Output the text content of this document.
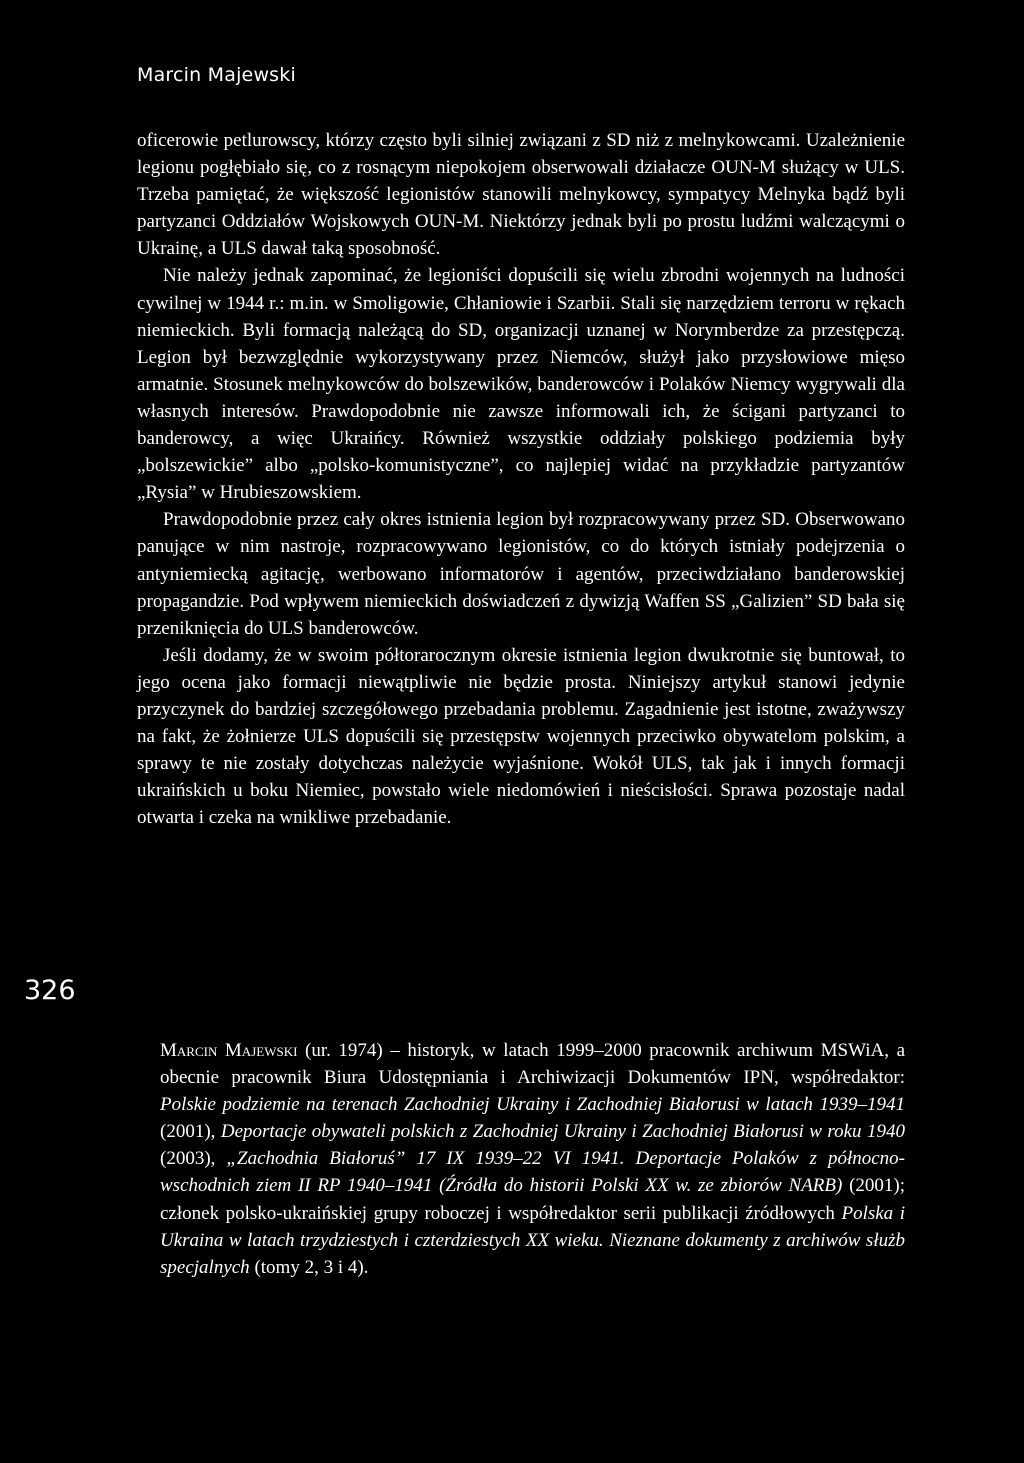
Marcin Majewski
326

oficerowie petlurowscy, którzy często byli silniej związani z SD niż z melnykowcami. Uzależnienie legionu pogłębiało się, co z rosnącym niepokojem obserwowali działacze OUN-M służący w ULS. Trzeba pamiętać, że większość legionistów stanowili melnykowcy, sympatycy Melnyka bądź byli partyzanci Oddziałów Wojskowych OUN-M. Niektórzy jednak byli po prostu ludźmi walczącymi o Ukrainę, a ULS dawał taką sposobność.

Nie należy jednak zapominać, że legioniści dopuścili się wielu zbrodni wojennych na ludności cywilnej w 1944 r.: m.in. w Smoligowie, Chłaniowie i Szarbii. Stali się narzędziem terroru w rękach niemieckich. Byli formacją należącą do SD, organizacji uznanej w Norymberdze za przestępczą. Legion był bezwzględnie wykorzystywany przez Niemców, służył jako przysłowiowe mięso armatnie. Stosunek melnykowców do bolszewików, banderowców i Polaków Niemcy wygrywali dla własnych interesów. Prawdopodobnie nie zawsze informowali ich, że ścigani partyzanci to banderowcy, a więc Ukraińcy. Również wszystkie oddziały polskiego podziemia były „bolszewickie” albo „polsko-komunistyczne”, co najlepiej widać na przykładzie partyzantów „Rysia” w Hrubieszowskiem.

Prawdopodobnie przez cały okres istnienia legion był rozpracowywany przez SD. Obserwowano panujące w nim nastroje, rozpracowywano legionistów, co do których istniały podejrzenia o antyniemiecką agitację, werbowano informatorów i agentów, przeciwdziałano banderowskiej propagandzie. Pod wpływem niemieckich doświadczeń z dywizją Waffen SS „Galizien” SD bała się przeniknięcia do ULS banderowców.

Jeśli dodamy, że w swoim półtorarocznym okresie istnienia legion dwukrotnie się buntował, to jego ocena jako formacji niewątpliwie nie będzie prosta. Niniejszy artykuł stanowi jedynie przyczynek do bardziej szczegółowego przebadania problemu. Zagadnienie jest istotne, zważywszy na fakt, że żołnierze ULS dopuścili się przestępstw wojennych przeciwko obywatelom polskim, a sprawy te nie zostały dotychczas należycie wyjaśnione. Wokół ULS, tak jak i innych formacji ukraińskich u boku Niemiec, powstało wiele niedomówień i nieścisłości. Sprawa pozostaje nadal otwarta i czeka na wnikliwe przebadanie.

Marcin Majewski (ur. 1974) – historyk, w latach 1999–2000 pracownik archiwum MSWiA, a obecnie pracownik Biura Udostępniania i Archiwizacji Dokumentów IPN, współredaktor: Polskie podziemie na terenach Zachodniej Ukrainy i Zachodniej Białorusi w latach 1939–1941 (2001), Deportacje obywateli polskich z Zachodniej Ukrainy i Zachodniej Białorusi w roku 1940 (2003), „Zachodnia Białoruś” 17 IX 1939–22 VI 1941. Deportacje Polaków z północno-wschodnich ziem II RP 1940–1941 (Źródła do historii Polski XX w. ze zbiorów NARB) (2001); członek polsko-ukraińskiej grupy roboczej i współredaktor serii publikacji źródłowych Polska i Ukraina w latach trzydziestych i czterdziestych XX wieku. Nieznane dokumenty z archiwów służb specjalnych (tomy 2, 3 i 4).
